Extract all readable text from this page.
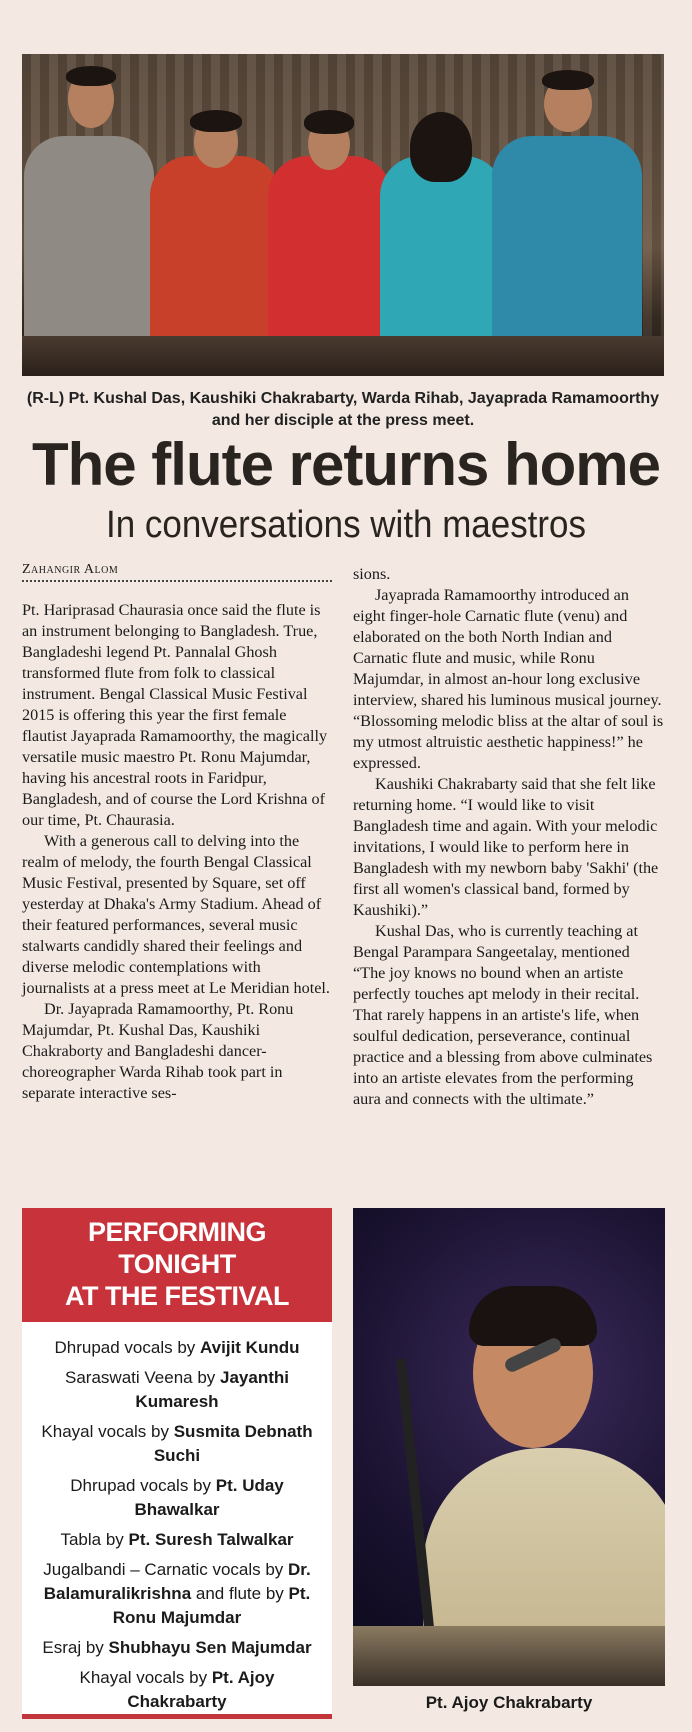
(R-L) Pt. Kushal Das, Kaushiki Chakrabarty, Warda Rihab, Jayaprada Ramamoorthy and her disciple at the press meet.
The flute returns home
In conversations with maestros
Zahangir Alom

Pt. Hariprasad Chaurasia once said the flute is an instrument belonging to Bangladesh. True, Bangladeshi legend Pt. Pannalal Ghosh transformed flute from folk to classical instrument. Bengal Classical Music Festival 2015 is offering this year the first female flautist Jayaprada Ramamoorthy, the magically versatile music maestro Pt. Ronu Majumdar, having his ancestral roots in Faridpur, Bangladesh, and of course the Lord Krishna of our time, Pt. Chaurasia.

With a generous call to delving into the realm of melody, the fourth Bengal Classical Music Festival, presented by Square, set off yesterday at Dhaka's Army Stadium. Ahead of their featured performances, several music stalwarts candidly shared their feelings and diverse melodic contemplations with journalists at a press meet at Le Meridian hotel.

Dr. Jayaprada Ramamoorthy, Pt. Ronu Majumdar, Pt. Kushal Das, Kaushiki Chakraborty and Bangladeshi dancer-choreographer Warda Rihab took part in separate interactive ses-

sions.

Jayaprada Ramamoorthy introduced an eight finger-hole Carnatic flute (venu) and elaborated on the both North Indian and Carnatic flute and music, while Ronu Majumdar, in almost an-hour long exclusive interview, shared his luminous musical journey. “Blossoming melodic bliss at the altar of soul is my utmost altruistic aesthetic happiness!” he expressed.

Kaushiki Chakrabarty said that she felt like returning home. “I would like to visit Bangladesh time and again. With your melodic invitations, I would like to perform here in Bangladesh with my newborn baby 'Sakhi' (the first all women's classical band, formed by Kaushiki).”

Kushal Das, who is currently teaching at Bengal Parampara Sangeetalay, mentioned “The joy knows no bound when an artiste perfectly touches apt melody in their recital. That rarely happens in an artiste's life, when soulful dedication, perseverance, continual practice and a blessing from above culminates into an artiste elevates from the performing aura and connects with the ultimate.”

PERFORMING TONIGHT
AT THE FESTIVAL
Dhrupad vocals by Avijit Kundu
Saraswati Veena by Jayanthi Kumaresh
Khayal vocals by Susmita Debnath Suchi
Dhrupad vocals by Pt. Uday Bhawalkar
Tabla by Pt. Suresh Talwalkar
Jugalbandi – Carnatic vocals by Dr. Balamuralikrishna and flute by Pt. Ronu Majumdar
Esraj by Shubhayu Sen Majumdar
Khayal vocals by Pt. Ajoy Chakrabarty	Pt. Ajoy Chakrabarty
